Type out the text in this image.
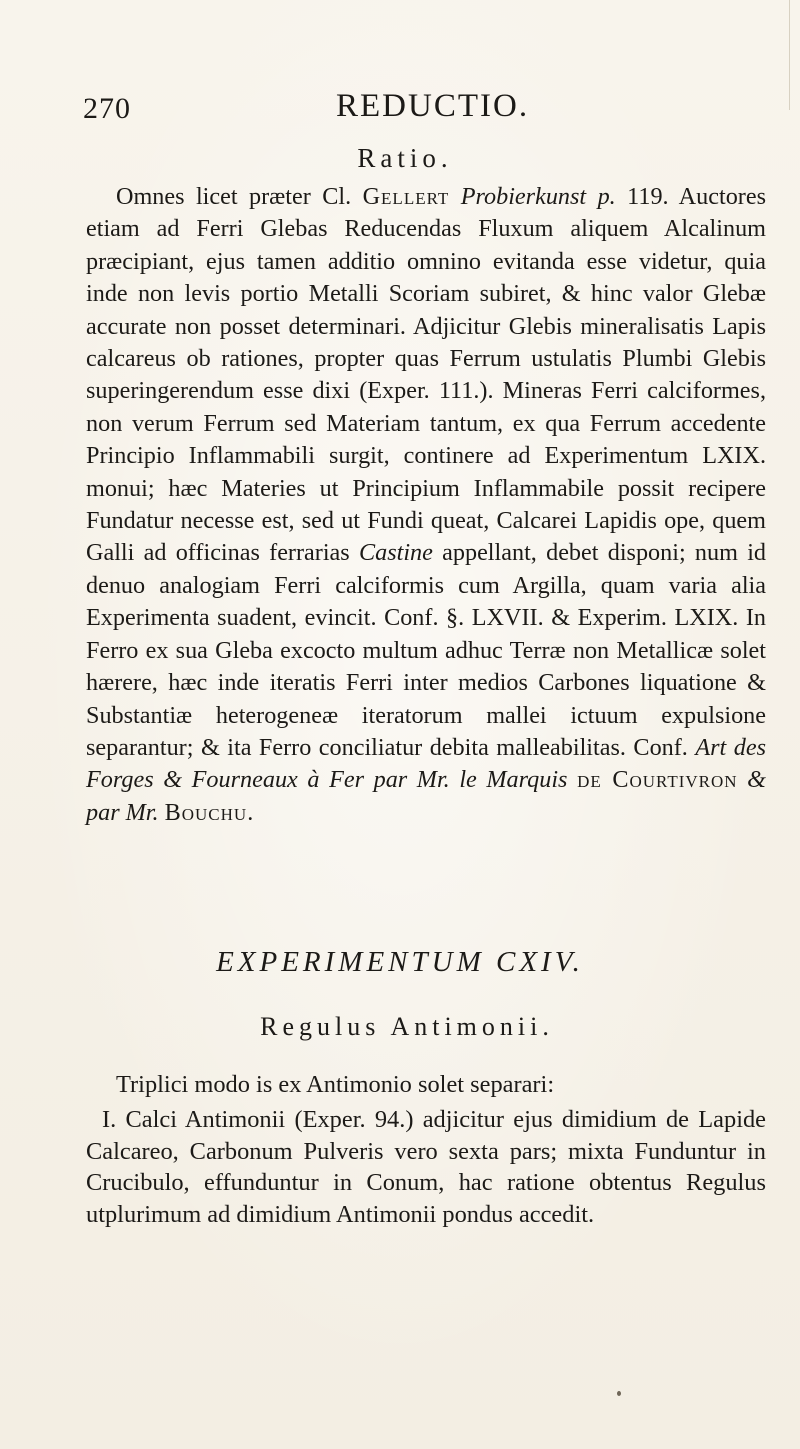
270	REDUCTIO.
Ratio.

Omnes licet præter Cl. Gellert Probierkunst p. 119. Auctores etiam ad Ferri Glebas Reducendas Fluxum aliquem Alcalinum præcipiant, ejus tamen additio omnino evitanda esse videtur, quia inde non levis portio Metalli Scoriam subiret, & hinc valor Glebæ accurate non posset determinari. Adjicitur Glebis mineralisatis Lapis calcareus ob rationes, propter quas Ferrum ustulatis Plumbi Glebis superingerendum esse dixi (Exper. 111.). Mineras Ferri calciformes, non verum Ferrum sed Materiam tantum, ex qua Ferrum accedente Principio Inflammabili surgit, continere ad Experimentum LXIX. monui; hæc Materies ut Principium Inflammabile possit recipere Fundatur necesse est, sed ut Fundi queat, Calcarei Lapidis ope, quem Galli ad officinas ferrarias Castine appellant, debet disponi; num id denuo analogiam Ferri calciformis cum Argilla, quam varia alia Experimenta suadent, evincit. Conf. §. LXVII. & Experim. LXIX. In Ferro ex sua Gleba excocto multum adhuc Terræ non Metallicæ solet hærere, hæc inde iteratis Ferri inter medios Carbones liquatione & Substantiæ heterogeneæ iteratorum mallei ictuum expulsione separantur; & ita Ferro conciliatur debita malleabilitas. Conf. Art des Forges & Fourneaux à Fer par Mr. le Marquis de Courtivron & par Mr. Bouchu.

EXPERIMENTUM CXIV.
Regulus Antimonii.

Triplici modo is ex Antimonio solet separari:

I. Calci Antimonii (Exper. 94.) adjicitur ejus dimidium de Lapide Calcareo, Carbonum Pulveris vero sexta pars; mixta Funduntur in Crucibulo, effunduntur in Conum, hac ratione obtentus Regulus utplurimum ad dimidium Antimonii pondus accedit.
